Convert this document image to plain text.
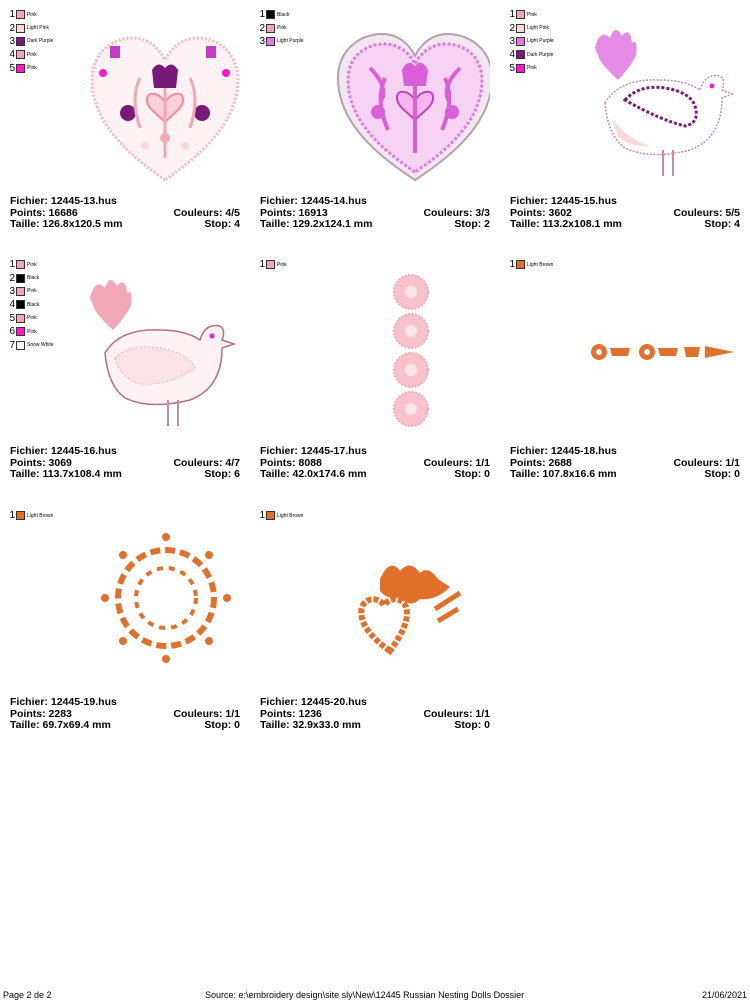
1 Pink
2 Light Pink
3 Dark Purple
4 Pink
5 Pink
Fichier: 12445-13.hus
Points: 16686	Couleurs: 4/5
Taille: 126.8x120.5 mm	Stop: 4
1 Black
2 Pink
3 Light Purple
Fichier: 12445-14.hus
Points: 16913	Couleurs: 3/3
Taille: 129.2x124.1 mm	Stop: 2
1 Pink
2 Light Pink
3 Light Purple
4 Dark Purple
5 Pink
Fichier: 12445-15.hus
Points: 3602	Couleurs: 5/5
Taille: 113.2x108.1 mm	Stop: 4
1 Pink
2 Black
3 Pink
4 Black
5 Pink
6 Pink
7 Snow White
Fichier: 12445-16.hus
Points: 3069	Couleurs: 4/7
Taille: 113.7x108.4 mm	Stop: 6
1 Pink
Fichier: 12445-17.hus
Points: 8088	Couleurs: 1/1
Taille: 42.0x174.6 mm	Stop: 0
1 Light Brown
Fichier: 12445-18.hus
Points: 2688	Couleurs: 1/1
Taille: 107.8x16.6 mm	Stop: 0
1 Light Brown
Fichier: 12445-19.hus
Points: 2283	Couleurs: 1/1
Taille: 69.7x69.4 mm	Stop: 0
1 Light Brown
Fichier: 12445-20.hus
Points: 1236	Couleurs: 1/1
Taille: 32.9x33.0 mm	Stop: 0
Page 2 de 2	Source: e:\embroidery design\site sly\New\12445 Russian Nesting Dolls Dossier	21/06/2021
